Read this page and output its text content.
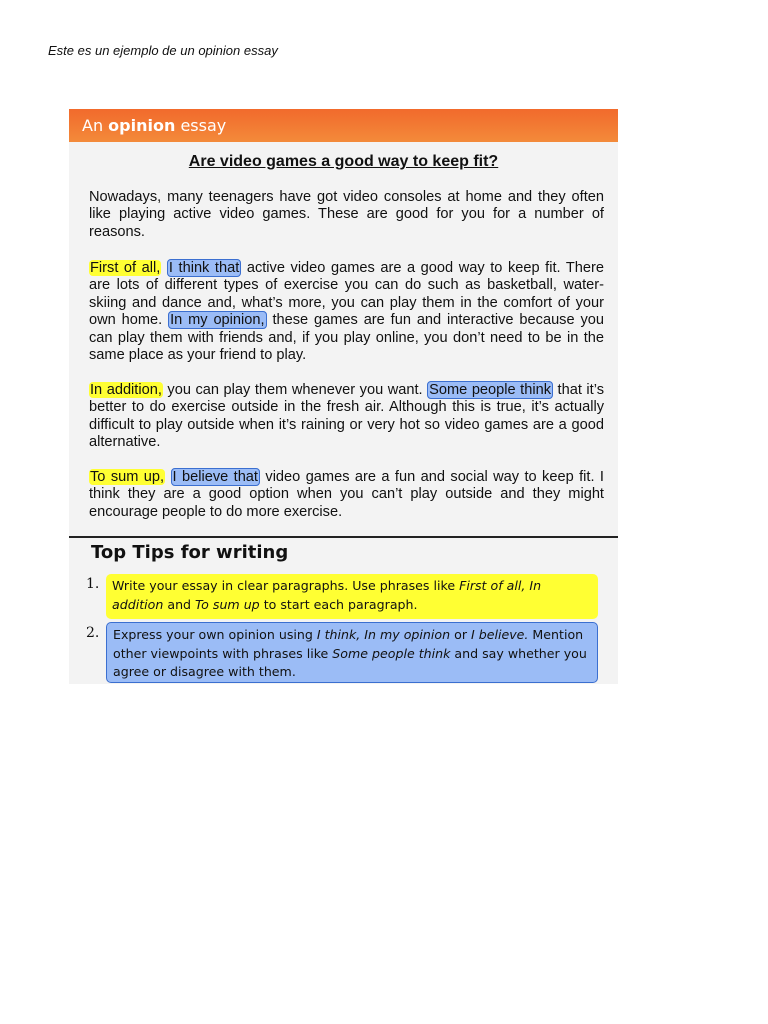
Este es un ejemplo de un opinion essay
An opinion essay
Are video games a good way to keep fit?
Nowadays, many teenagers have got video consoles at home and they often like playing active video games. These are good for you for a number of reasons.
First of all, I think that active video games are a good way to keep fit. There are lots of different types of exercise you can do such as basketball, water-skiing and dance and, what’s more, you can play them in the comfort of your own home. In my opinion, these games are fun and interactive because you can play them with friends and, if you play online, you don’t need to be in the same place as your friend to play.
In addition, you can play them whenever you want. Some people think that it’s better to do exercise outside in the fresh air. Although this is true, it’s actually difficult to play outside when it’s raining or very hot so video games are a good alternative.
To sum up, I believe that video games are a fun and social way to keep fit. I think they are a good option when you can’t play outside and they might encourage people to do more exercise.
Top Tips for writing
1.	Write your essay in clear paragraphs. Use phrases like First of all, In addition and To sum up to start each paragraph.
2.	Express your own opinion using I think, In my opinion or I believe. Mention other viewpoints with phrases like Some people think and say whether you agree or disagree with them.
